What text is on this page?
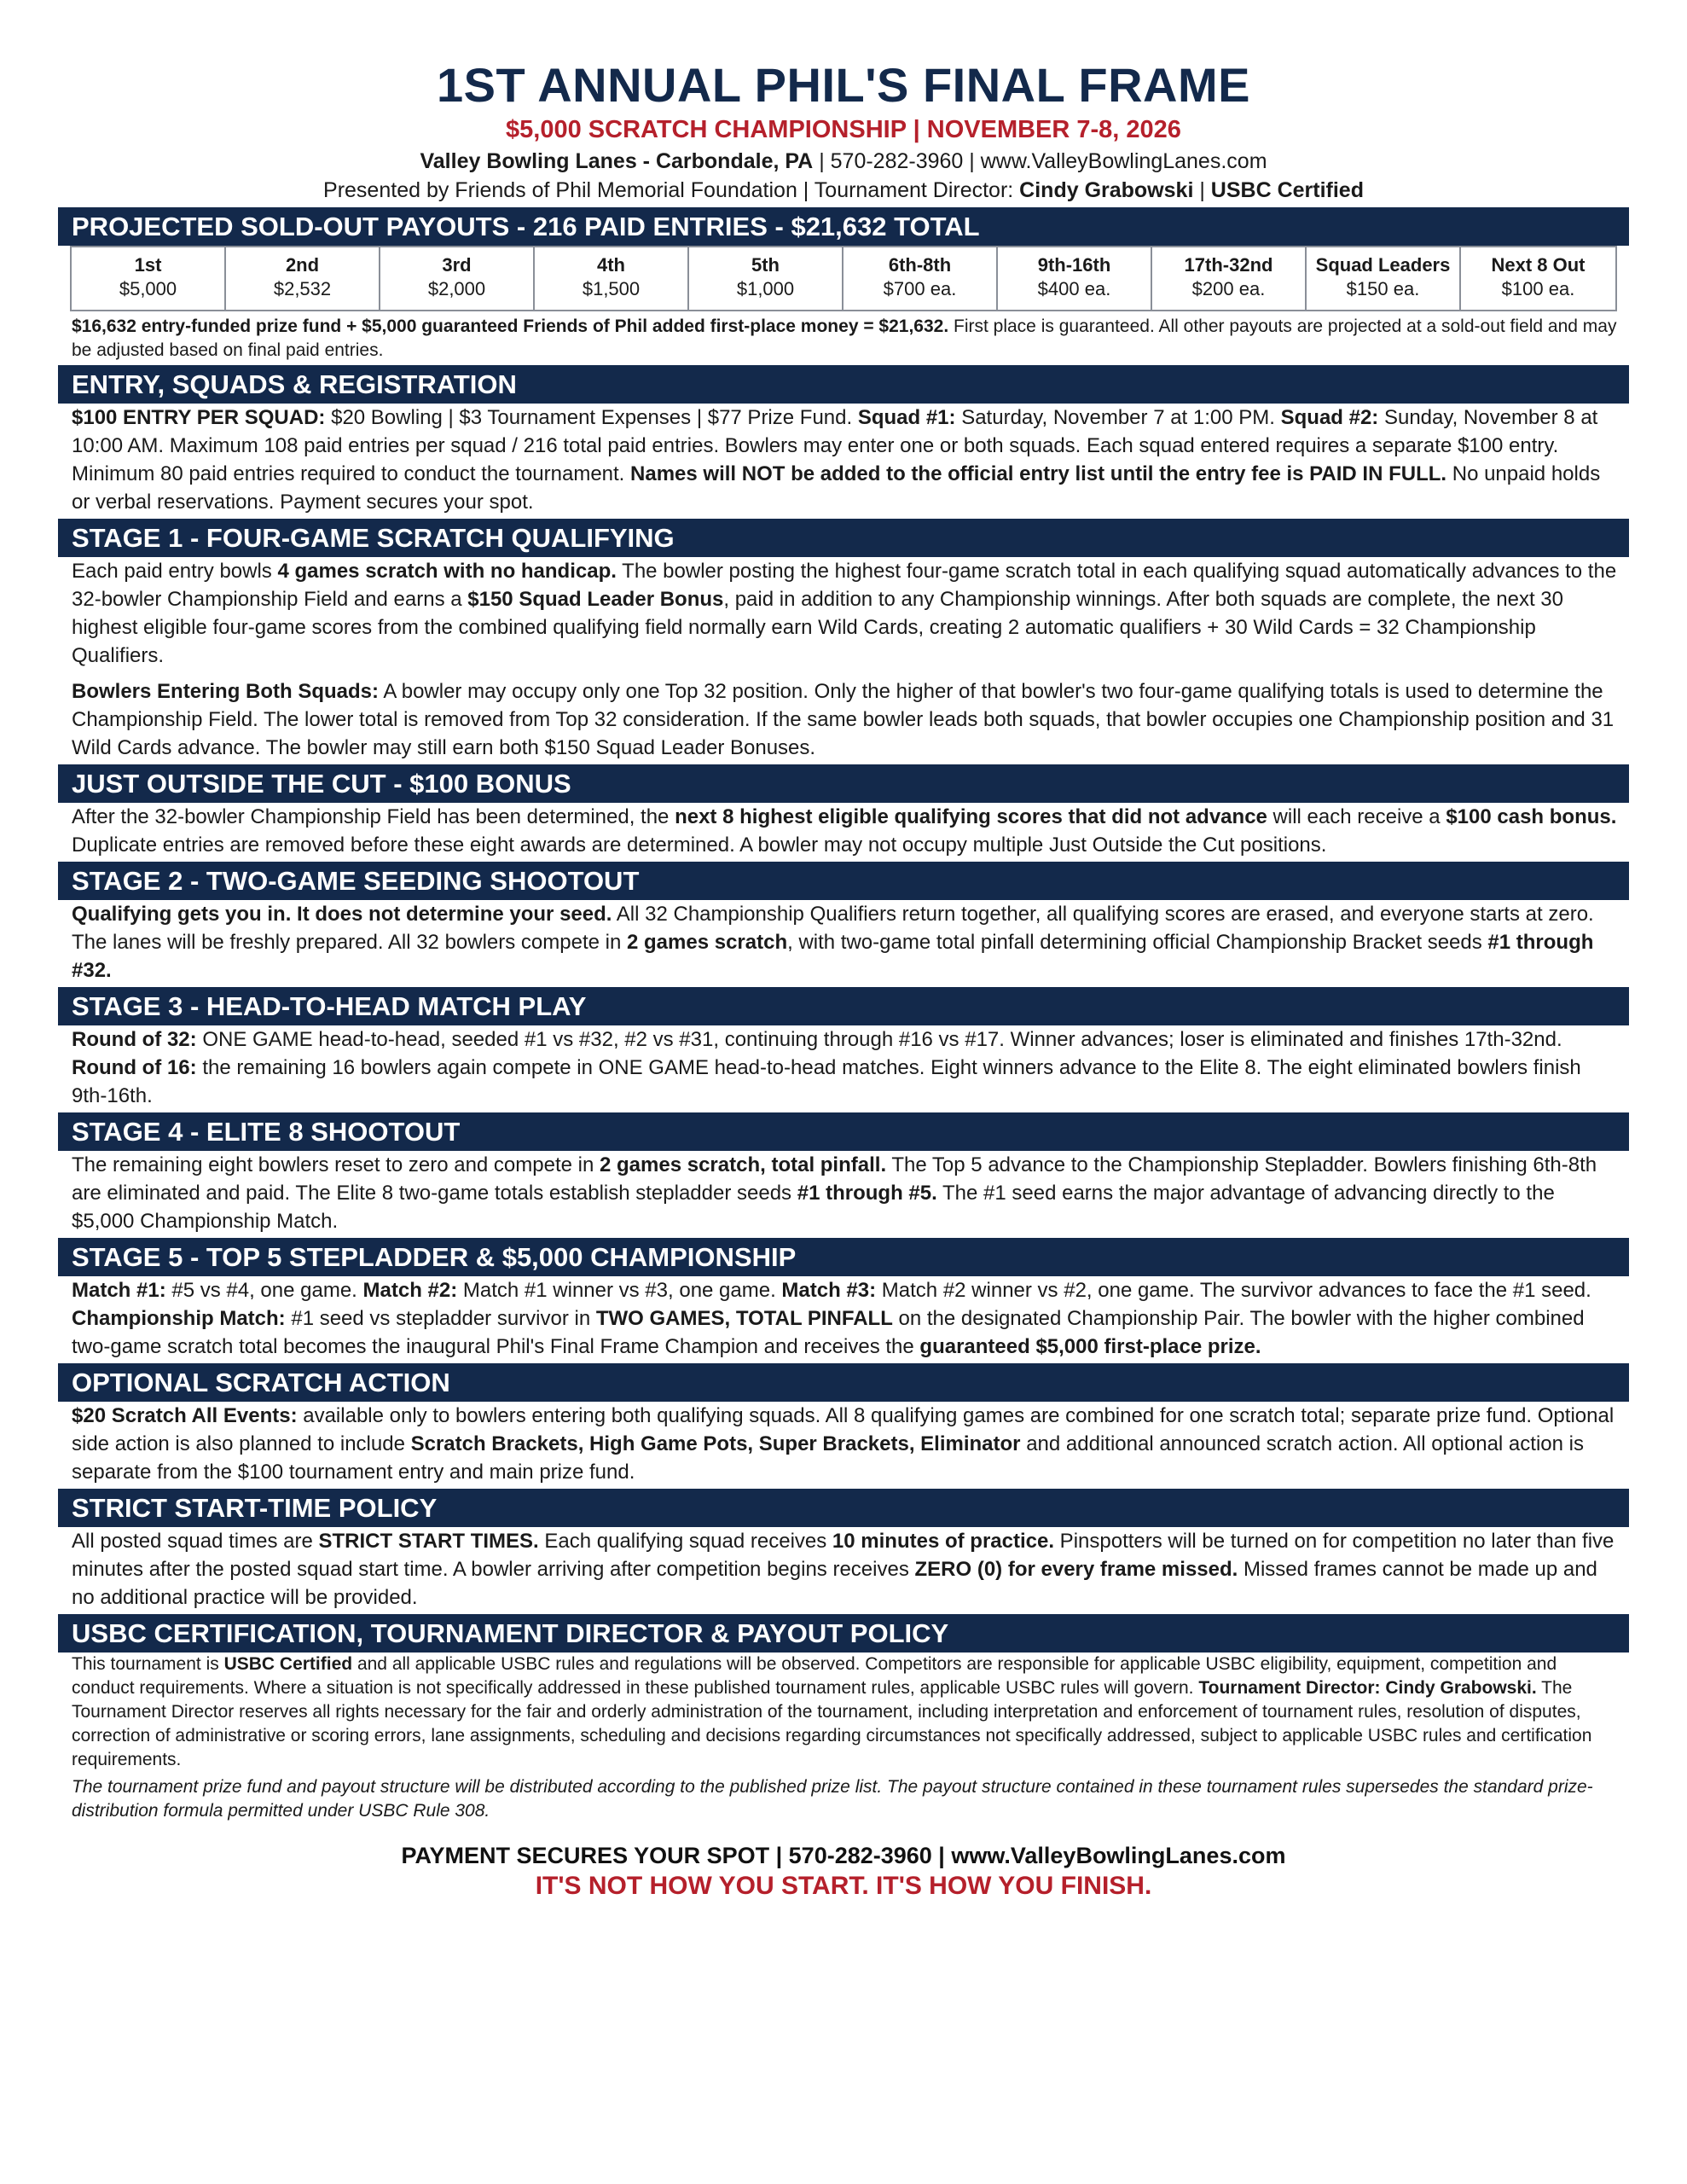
1ST ANNUAL PHIL'S FINAL FRAME
$5,000 SCRATCH CHAMPIONSHIP | NOVEMBER 7-8, 2026
Valley Bowling Lanes - Carbondale, PA | 570-282-3960 | www.ValleyBowlingLanes.com
Presented by Friends of Phil Memorial Foundation | Tournament Director: Cindy Grabowski | USBC Certified
PROJECTED SOLD-OUT PAYOUTS - 216 PAID ENTRIES - $21,632 TOTAL
1st
$5,000
2nd
$2,532
3rd
$2,000
4th
$1,500
5th
$1,000
6th-8th
$700 ea.
9th-16th
$400 ea.
17th-32nd
$200 ea.
Squad Leaders
$150 ea.
Next 8 Out
$100 ea.
$16,632 entry-funded prize fund + $5,000 guaranteed Friends of Phil added first-place money = $21,632. First place is guaranteed. All other payouts are projected at a sold-out field and may be adjusted based on final paid entries.
ENTRY, SQUADS & REGISTRATION

$100 ENTRY PER SQUAD: $20 Bowling | $3 Tournament Expenses | $77 Prize Fund. Squad #1: Saturday, November 7 at 1:00 PM. Squad #2: Sunday, November 8 at 10:00 AM. Maximum 108 paid entries per squad / 216 total paid entries. Bowlers may enter one or both squads. Each squad entered requires a separate $100 entry. Minimum 80 paid entries required to conduct the tournament. Names will NOT be added to the official entry list until the entry fee is PAID IN FULL. No unpaid holds or verbal reservations. Payment secures your spot.

STAGE 1 - FOUR-GAME SCRATCH QUALIFYING

Each paid entry bowls 4 games scratch with no handicap. The bowler posting the highest four-game scratch total in each qualifying squad automatically advances to the 32-bowler Championship Field and earns a $150 Squad Leader Bonus, paid in addition to any Championship winnings. After both squads are complete, the next 30 highest eligible four-game scores from the combined qualifying field normally earn Wild Cards, creating 2 automatic qualifiers + 30 Wild Cards = 32 Championship Qualifiers.

Bowlers Entering Both Squads: A bowler may occupy only one Top 32 position. Only the higher of that bowler's two four-game qualifying totals is used to determine the Championship Field. The lower total is removed from Top 32 consideration. If the same bowler leads both squads, that bowler occupies one Championship position and 31 Wild Cards advance. The bowler may still earn both $150 Squad Leader Bonuses.

JUST OUTSIDE THE CUT - $100 BONUS

After the 32-bowler Championship Field has been determined, the next 8 highest eligible qualifying scores that did not advance will each receive a $100 cash bonus. Duplicate entries are removed before these eight awards are determined. A bowler may not occupy multiple Just Outside the Cut positions.

STAGE 2 - TWO-GAME SEEDING SHOOTOUT

Qualifying gets you in. It does not determine your seed. All 32 Championship Qualifiers return together, all qualifying scores are erased, and everyone starts at zero. The lanes will be freshly prepared. All 32 bowlers compete in 2 games scratch, with two-game total pinfall determining official Championship Bracket seeds #1 through #32.

STAGE 3 - HEAD-TO-HEAD MATCH PLAY

Round of 32: ONE GAME head-to-head, seeded #1 vs #32, #2 vs #31, continuing through #16 vs #17. Winner advances; loser is eliminated and finishes 17th-32nd. Round of 16: the remaining 16 bowlers again compete in ONE GAME head-to-head matches. Eight winners advance to the Elite 8. The eight eliminated bowlers finish 9th-16th.

STAGE 4 - ELITE 8 SHOOTOUT

The remaining eight bowlers reset to zero and compete in 2 games scratch, total pinfall. The Top 5 advance to the Championship Stepladder. Bowlers finishing 6th-8th are eliminated and paid. The Elite 8 two-game totals establish stepladder seeds #1 through #5. The #1 seed earns the major advantage of advancing directly to the $5,000 Championship Match.

STAGE 5 - TOP 5 STEPLADDER & $5,000 CHAMPIONSHIP

Match #1: #5 vs #4, one game. Match #2: Match #1 winner vs #3, one game. Match #3: Match #2 winner vs #2, one game. The survivor advances to face the #1 seed. Championship Match: #1 seed vs stepladder survivor in TWO GAMES, TOTAL PINFALL on the designated Championship Pair. The bowler with the higher combined two-game scratch total becomes the inaugural Phil's Final Frame Champion and receives the guaranteed $5,000 first-place prize.

OPTIONAL SCRATCH ACTION

$20 Scratch All Events: available only to bowlers entering both qualifying squads. All 8 qualifying games are combined for one scratch total; separate prize fund. Optional side action is also planned to include Scratch Brackets, High Game Pots, Super Brackets, Eliminator and additional announced scratch action. All optional action is separate from the $100 tournament entry and main prize fund.

STRICT START-TIME POLICY

All posted squad times are STRICT START TIMES. Each qualifying squad receives 10 minutes of practice. Pinspotters will be turned on for competition no later than five minutes after the posted squad start time. A bowler arriving after competition begins receives ZERO (0) for every frame missed. Missed frames cannot be made up and no additional practice will be provided.

USBC CERTIFICATION, TOURNAMENT DIRECTOR & PAYOUT POLICY

This tournament is USBC Certified and all applicable USBC rules and regulations will be observed. Competitors are responsible for applicable USBC eligibility, equipment, competition and conduct requirements. Where a situation is not specifically addressed in these published tournament rules, applicable USBC rules will govern. Tournament Director: Cindy Grabowski. The Tournament Director reserves all rights necessary for the fair and orderly administration of the tournament, including interpretation and enforcement of tournament rules, resolution of disputes, correction of administrative or scoring errors, lane assignments, scheduling and decisions regarding circumstances not specifically addressed, subject to applicable USBC rules and certification requirements.

The tournament prize fund and payout structure will be distributed according to the published prize list. The payout structure contained in these tournament rules supersedes the standard prize-distribution formula permitted under USBC Rule 308.

PAYMENT SECURES YOUR SPOT | 570-282-3960 | www.ValleyBowlingLanes.com
IT'S NOT HOW YOU START. IT'S HOW YOU FINISH.
